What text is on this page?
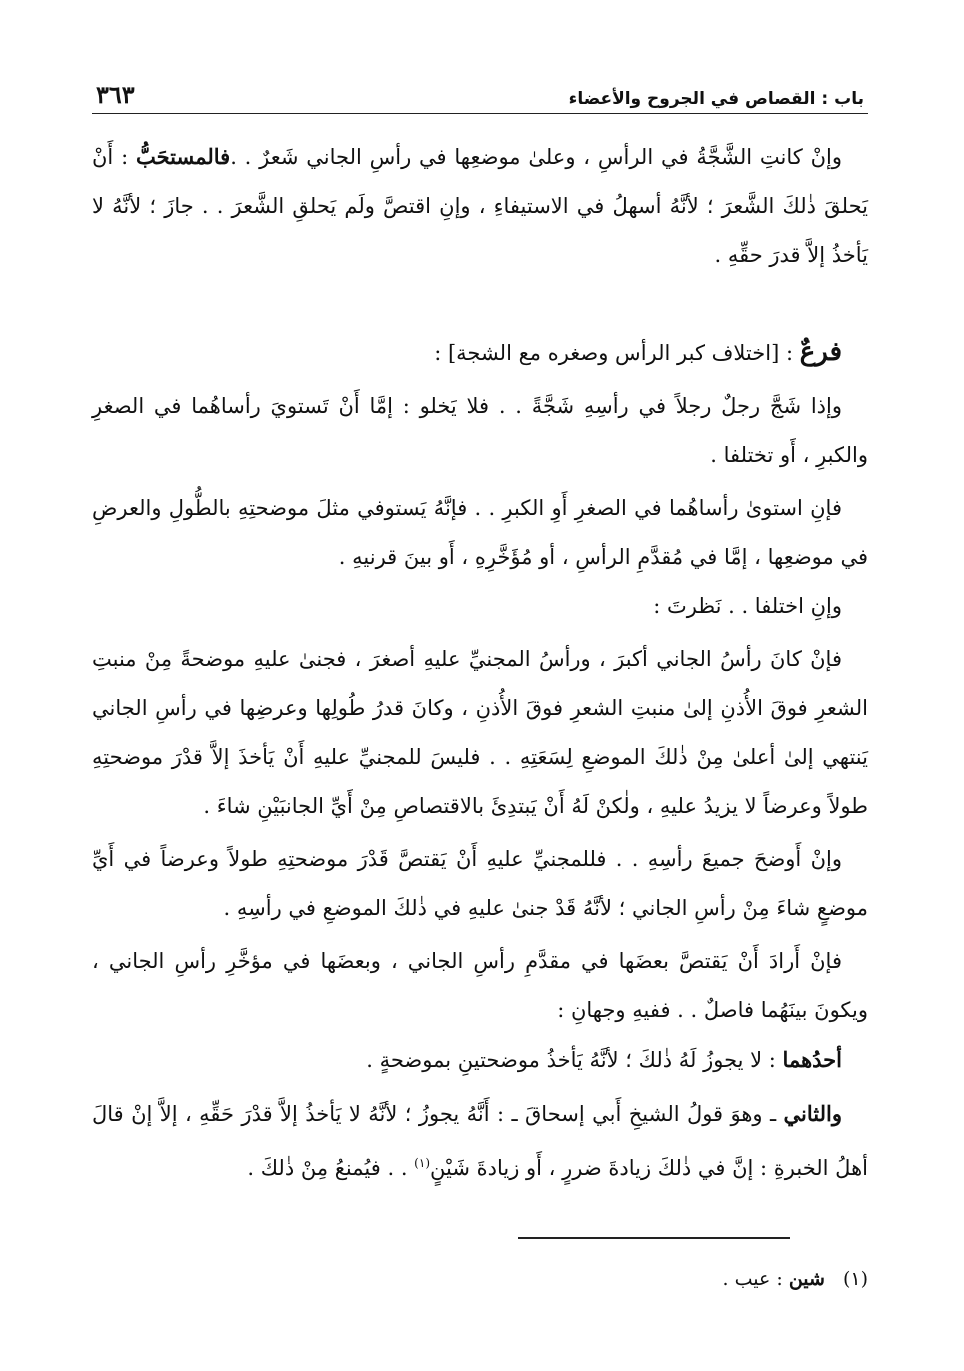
باب : القصاص في الجروح والأعضاء
٣٦٣

وإنْ كانتِ الشَّجَّةُ في الرأسِ ، وعلىٰ موضعِها في رأسِ الجاني شَعرٌ . .فالمستحَبُّ : أَنْ يَحلقَ ذٰلكَ الشَّعرَ ؛ لأنَّهُ أسهلُ في الاستيفاءِ ، وإنِ اقتصَّ ولَم يَحلقِ الشَّعرَ . . جازَ ؛ لأنَّهُ لا يَأخذُ إلاَّ قدرَ حقِّهِ .

فرعٌ : [اختلاف كبر الرأس وصغره مع الشجة] :

وإذا شَجَّ رجلٌ رجلاً في رأسِهِ شَجَّةً . . فلا يَخلو : إمَّا أَنْ تَستويَ رأساهُما في الصغرِ والكبرِ ، أَو تختلفا .

فإنِ استوىٰ رأساهُما في الصغرِ أَوِ الكبرِ . . فإنَّهُ يَستوفي مثلَ موضحتِهِ بالطُّولِ والعرضِ في موضعِها ، إمَّا في مُقدَّمِ الرأسِ ، أو مُؤَخَّرِهِ ، أَو بينَ قرنيهِ .

وإنِ اختلفا . . نَظرتَ :

فإنْ كانَ رأسُ الجاني أكبرَ ، ورأسُ المجنيِّ عليهِ أصغرَ ، فجنىٰ عليهِ موضحةً مِنْ منبتِ الشعرِ فوقَ الأُذنِ إلىٰ منبتِ الشعرِ فوقَ الأُذنِ ، وكانَ قدرُ طُولِها وعرضِها في رأسِ الجاني يَنتهي إلىٰ أعلىٰ مِنْ ذٰلكَ الموضعِ لِسَعَتِهِ . . فليسَ للمجنيِّ عليهِ أَنْ يَأخذَ إلاَّ قدْرَ موضحتِهِ طولاً وعرضاً لا يزيدُ عليهِ ، ولٰكنْ لَهُ أَنْ يَبتدِئَ بالاقتصاصِ مِنْ أَيِّ الجانبَيْنِ شاءَ .

وإنْ أَوضحَ جميعَ رأسِهِ . . فللمجنيِّ عليهِ أَنْ يَقتصَّ قَدْرَ موضحتِهِ طولاً وعرضاً في أَيِّ موضعٍ شاءَ مِنْ رأسِ الجاني ؛ لأنَّهُ قَدْ جنىٰ عليهِ في ذٰلكَ الموضعِ في رأسِهِ .

فإنْ أَرادَ أَنْ يَقتصَّ بعضَها في مقدَّمِ رأسِ الجاني ، وبعضَها في مؤخَّرِ رأسِ الجاني ، ويكونَ بينَهُما فاصلٌ . . ففيهِ وجهانِ :

أحدُهما : لا يجوزُ لَهُ ذٰلكَ ؛ لأنَّهُ يَأخذُ موضحتينِ بموضحةٍ .

والثاني ـ وهوَ قولُ الشيخِ أَبي إسحاقَ ـ : أَنَّهُ يجوزُ ؛ لأنَّهُ لا يَأخذُ إلاَّ قدْرَ حَقِّهِ ، إلاَّ إنْ قالَ أهلُ الخبرةِ : إنَّ في ذٰلكَ زيادةَ ضررٍ ، أَو زيادةَ شَيْنٍ$^{(١)}$ . . فيُمنعُ مِنْ ذٰلكَ .

(١)شين : عيب .
